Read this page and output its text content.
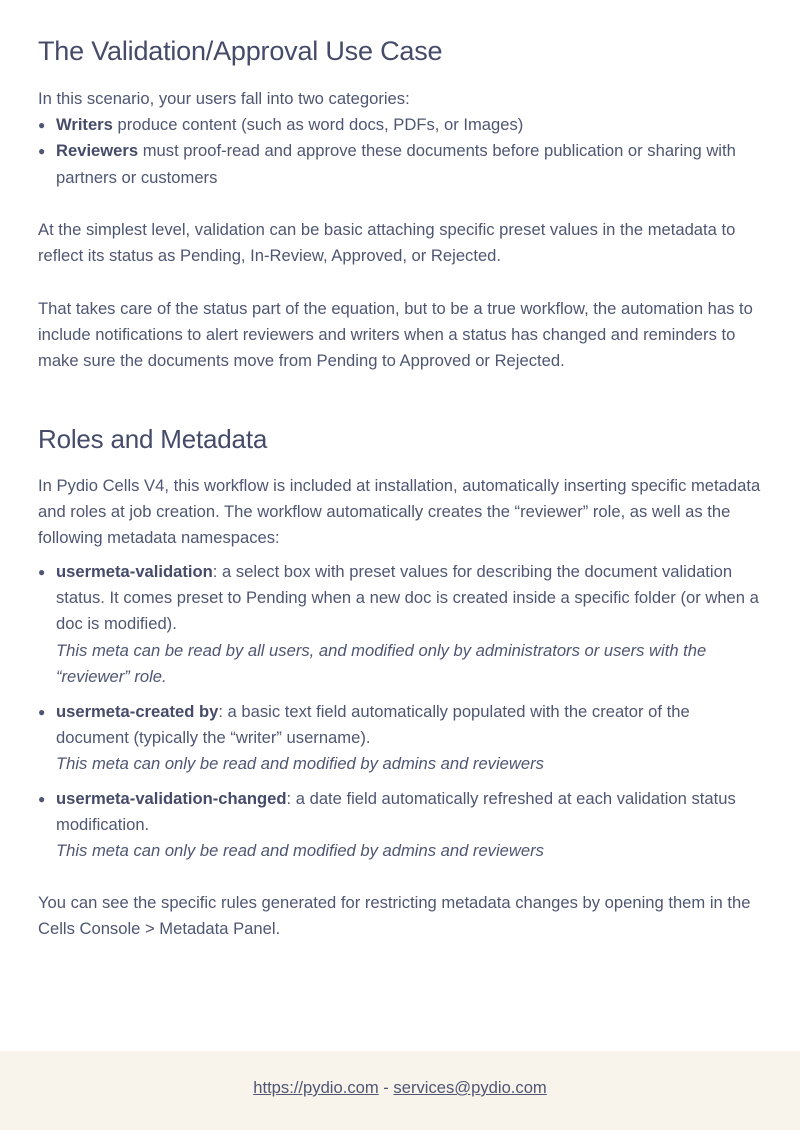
The Validation/Approval Use Case

In this scenario, your users fall into two categories:

● Writers produce content (such as word docs, PDFs, or Images)
● Reviewers must proof-read and approve these documents before publication or sharing with partners or customers

At the simplest level, validation can be basic attaching specific preset values in the metadata to reflect its status as Pending, In-Review, Approved, or Rejected.

That takes care of the status part of the equation, but to be a true workflow, the automation has to include notifications to alert reviewers and writers when a status has changed and reminders to make sure the documents move from Pending to Approved or Rejected.

Roles and Metadata

In Pydio Cells V4, this workflow is included at installation, automatically inserting specific metadata and roles at job creation. The workflow automatically creates the “reviewer” role, as well as the following metadata namespaces:

● usermeta-validation: a select box with preset values for describing the document validation status. It comes preset to Pending when a new doc is created inside a specific folder (or when a doc is modified).
This meta can be read by all users, and modified only by administrators or users with the “reviewer” role.
● usermeta-created by: a basic text field automatically populated with the creator of the document (typically the “writer” username).
This meta can only be read and modified by admins and reviewers
● usermeta-validation-changed: a date field automatically refreshed at each validation status modification.
This meta can only be read and modified by admins and reviewers

You can see the specific rules generated for restricting metadata changes by opening them in the Cells Console > Metadata Panel.

https://pydio.com - services@pydio.com
